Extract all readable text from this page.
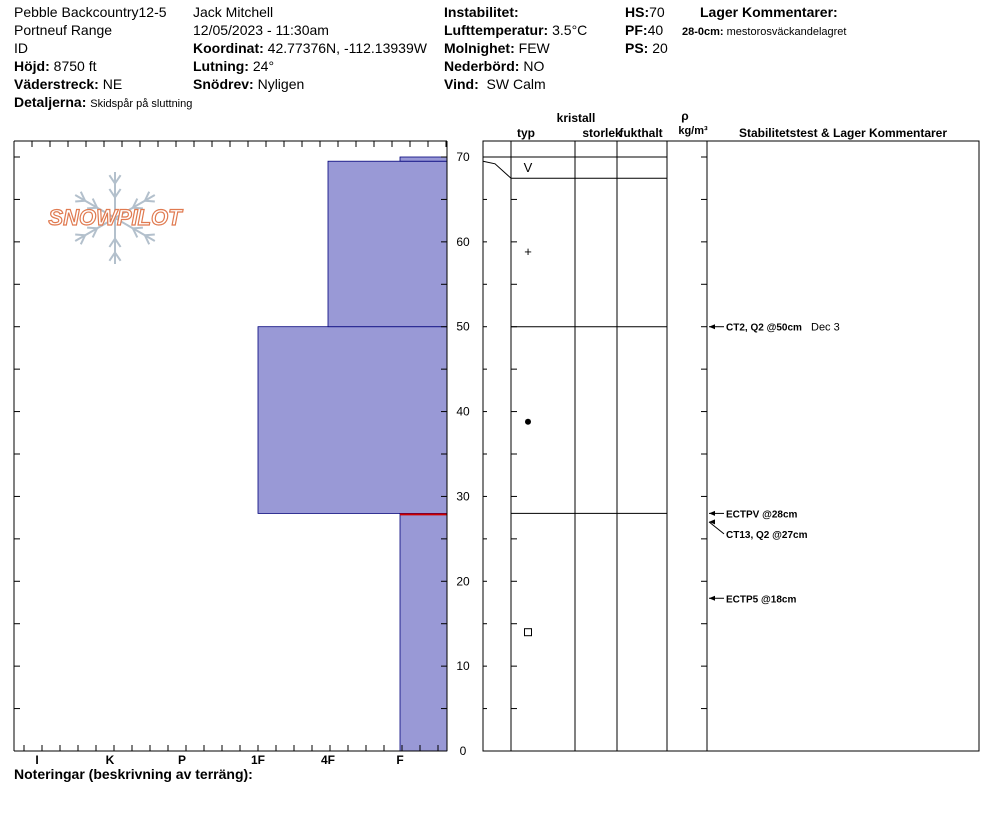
Pebble Backcountry12-5
Portneuf Range
ID
Höjd: 8750 ft
Väderstreck: NE
Detaljerna: Skidspår på sluttning
Jack Mitchell
12/05/2023 - 11:30am
Koordinat: 42.77376N, -112.13939W
Lutning: 24°
Snödrev: Nyligen
Instabilitet:
Lufttemperatur: 3.5°C
Molnighet: FEW
Nederbörd: NO
Vind: SW Calm
HS:70
PF:40
PS: 20
Lager Kommentarer:
28-0cm: mestorosväckandelagret
SNOWPILOT
I	K	P	1F	4F	F
0
10
20
30
40
50
60
70
V
+
CT2, Q2 @50cm Dec 3
ECTPV @28cm
CT13, Q2 @27cm
ECTP5 @18cm
typ
kristall
storlek
fukthalt
ρ
kg/m³	Stabilitetstest & Lager Kommentarer
Noteringar (beskrivning av terräng):
